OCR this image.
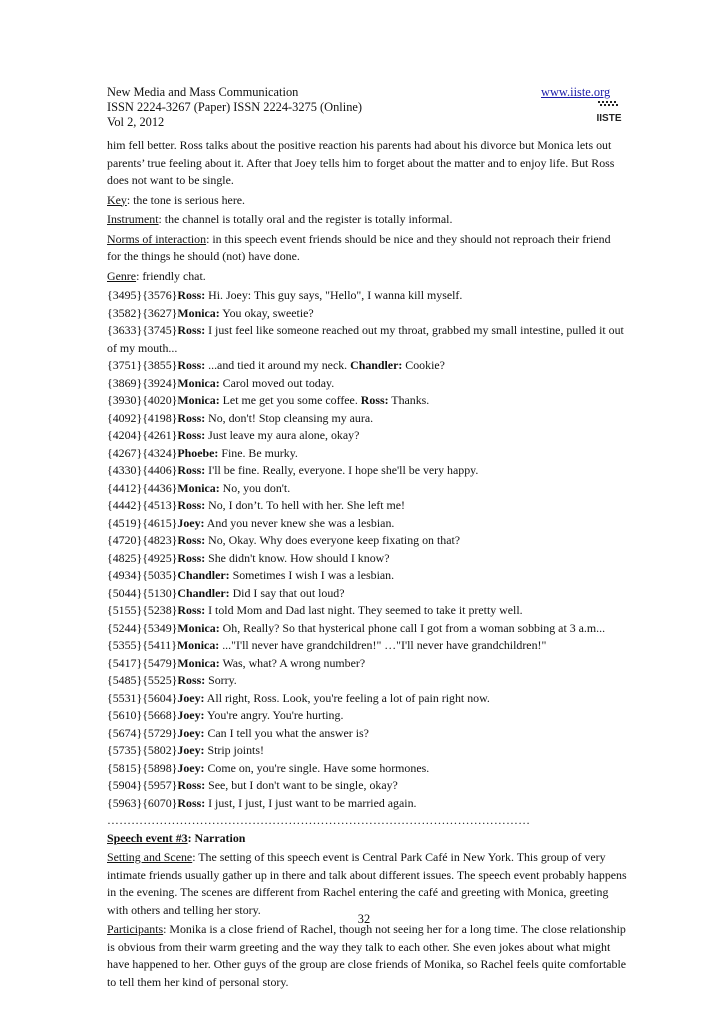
New Media and Mass Communication
ISSN 2224-3267 (Paper) ISSN 2224-3275 (Online)
Vol 2, 2012
www.iiste.org
IISTE

him fell better. Ross talks about the positive reaction his parents had about his divorce but Monica lets out parents’ true feeling about it. After that Joey tells him to forget about the matter and to enjoy life. But Ross does not want to be single.

Key: the tone is serious here.

Instrument: the channel is totally oral and the register is totally informal.

Norms of interaction: in this speech event friends should be nice and they should not reproach their friend for the things he should (not) have done.

Genre: friendly chat.

{3495}{3576}Ross: Hi. Joey: This guy says, "Hello", I wanna kill myself.
{3582}{3627}Monica: You okay, sweetie?
{3633}{3745}Ross: I just feel like someone reached out my throat, grabbed my small intestine, pulled it out of my mouth...
{3751}{3855}Ross: ...and tied it around my neck. Chandler: Cookie?
{3869}{3924}Monica: Carol moved out today.
{3930}{4020}Monica: Let me get you some coffee. Ross: Thanks.
{4092}{4198}Ross: No, don't! Stop cleansing my aura.
{4204}{4261}Ross: Just leave my aura alone, okay?
{4267}{4324}Phoebe: Fine. Be murky.
{4330}{4406}Ross: I'll be fine. Really, everyone. I hope she'll be very happy.
{4412}{4436}Monica: No, you don't.
{4442}{4513}Ross: No, I don’t. To hell with her. She left me!
{4519}{4615}Joey: And you never knew she was a lesbian.
{4720}{4823}Ross: No, Okay. Why does everyone keep fixating on that?
{4825}{4925}Ross: She didn't know. How should I know?
{4934}{5035}Chandler: Sometimes I wish I was a lesbian.
{5044}{5130}Chandler: Did I say that out loud?
{5155}{5238}Ross: I told Mom and Dad last night. They seemed to take it pretty well.
{5244}{5349}Monica: Oh, Really? So that hysterical phone call I got from a woman sobbing at 3 a.m...
{5355}{5411}Monica: ..."I'll never have grandchildren!" …"I'll never have grandchildren!"
{5417}{5479}Monica: Was, what? A wrong number?
{5485}{5525}Ross: Sorry.
{5531}{5604}Joey: All right, Ross. Look, you're feeling a lot of pain right now.
{5610}{5668}Joey: You're angry. You're hurting.
{5674}{5729}Joey: Can I tell you what the answer is?
{5735}{5802}Joey: Strip joints!
{5815}{5898}Joey: Come on, you're single. Have some hormones.
{5904}{5957}Ross: See, but I don't want to be single, okay?
{5963}{6070}Ross: I just, I just, I just want to be married again.
……………………………………………………………………………………………

Speech event #3: Narration

Setting and Scene: The setting of this speech event is Central Park Café in New York. This group of very intimate friends usually gather up in there and talk about different issues. The speech event probably happens in the evening. The scenes are different from Rachel entering the café and greeting with Monica, greeting with others and telling her story.

Participants: Monika is a close friend of Rachel, though not seeing her for a long time. The close relationship is obvious from their warm greeting and the way they talk to each other. She even jokes about what might have happened to her. Other guys of the group are close friends of Monika, so Rachel feels quite comfortable to tell them her kind of personal story.

32
